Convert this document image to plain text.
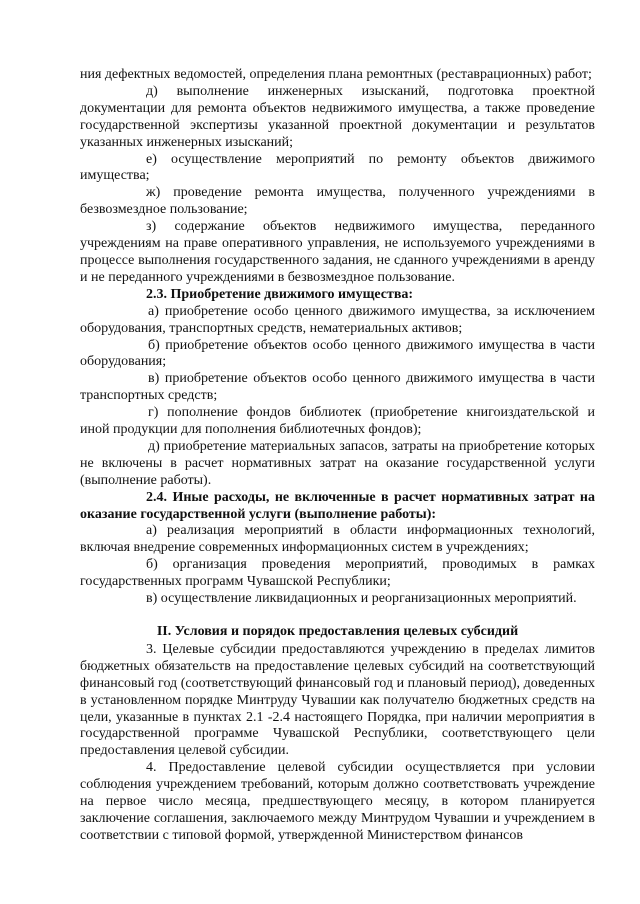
ния дефектных ведомостей, определения плана ремонтных (реставрационных) работ;

д) выполнение инженерных изысканий, подготовка проектной документации для ремонта объектов недвижимого имущества, а также проведение государственной экспертизы указанной проектной документации и результатов указанных инженерных изысканий;

е) осуществление мероприятий по ремонту объектов движимого имущества;

ж) проведение ремонта имущества, полученного учреждениями в безвозмездное пользование;

з) содержание объектов недвижимого имущества, переданного учреждениям на праве оперативного управления, не используемого учреждениями в процессе выполнения государственного задания, не сданного учреждениями в аренду и не переданного учреждениями в безвозмездное пользование.

2.3. Приобретение движимого имущества:

а) приобретение особо ценного движимого имущества, за исключением оборудования, транспортных средств, нематериальных активов;

б) приобретение объектов особо ценного движимого имущества в части оборудования;

в) приобретение объектов особо ценного движимого имущества в части транспортных средств;

г) пополнение фондов библиотек (приобретение книгоиздательской и иной продукции для пополнения библиотечных фондов);

д) приобретение материальных запасов, затраты на приобретение которых не включены в расчет нормативных затрат на оказание государственной услуги (выполнение работы).

2.4. Иные расходы, не включенные в расчет нормативных затрат на оказание государственной услуги (выполнение работы):

а) реализация мероприятий в области информационных технологий, включая внедрение современных информационных систем в учреждениях;

б) организация проведения мероприятий, проводимых в рамках государственных программ Чувашской Республики;

в) осуществление ликвидационных и реорганизационных мероприятий.

II. Условия и порядок предоставления целевых субсидий

3. Целевые субсидии предоставляются учреждению в пределах лимитов бюджетных обязательств на предоставление целевых субсидий на соответствующий финансовый год (соответствующий финансовый год и плановый период), доведенных в установленном порядке Минтруду Чувашии как получателю бюджетных средств на цели, указанные в пунктах 2.1 -2.4 настоящего Порядка, при наличии мероприятия в государственной программе Чувашской Республики, соответствующего цели предоставления целевой субсидии.

4. Предоставление целевой субсидии осуществляется при условии соблюдения учреждением требований, которым должно соответствовать учреждение на первое число месяца, предшествующего месяцу, в котором планируется заключение соглашения, заключаемого между Минтрудом Чувашии и учреждением в соответствии с типовой формой, утвержденной Министерством финансов
